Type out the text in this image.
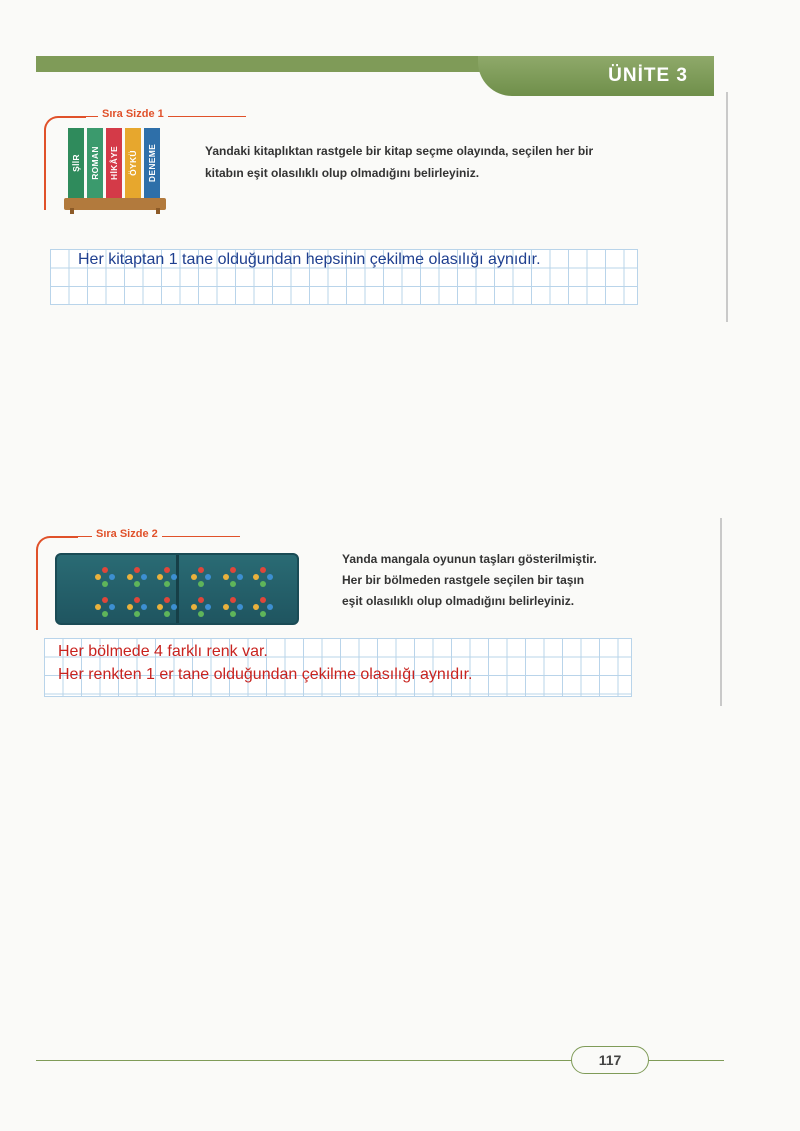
ÜNİTE 3
Sıra Sizde 1
ŞİİR ROMAN HİKÂYE ÖYKÜ DENEME	Yandaki kitaplıktan rastgele bir kitap seçme olayında, seçilen her bir
kitabın eşit olasılıklı olup olmadığını belirleyiniz.
Her kitaptan 1 tane olduğundan hepsinin çekilme olasılığı aynıdır.
Sıra Sizde 2
Yanda mangala oyunun taşları gösterilmiştir.
Her bir bölmeden rastgele seçilen bir taşın
eşit olasılıklı olup olmadığını belirleyiniz.
Her bölmede 4 farklı renk var.
Her renkten 1 er tane olduğundan çekilme olasılığı aynıdır.
117
